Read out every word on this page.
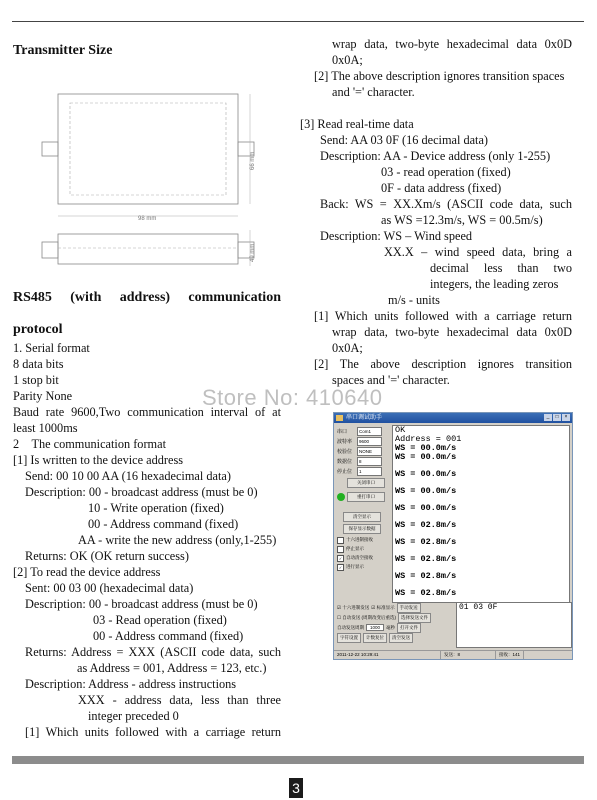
Transmitter Size
98 mm
66 mm
49 mm
RS485 (with address) communication
protocol
1. Serial format
8 data bits
1 stop bit
Parity None
Baud rate 9600,Two communication interval of at
least 1000ms
2　The communication format
[1] Is written to the device address
Send: 00 10 00 AA (16 hexadecimal data)
Description: 00 - broadcast address (must be 0)
10 - Write operation (fixed)
00 - Address command (fixed)
AA - write the new address (only,1-255)
Returns: OK (OK return success)
[2] To read the device address
Sent: 00 03 00 (hexadecimal data)
Description: 00 - broadcast address (must be 0)
03 - Read operation (fixed)
00 - Address command (fixed)
Returns: Address = XXX (ASCII code data, such
as Address = 001, Address = 123, etc.)
Description: Address - address instructions
XXX - address data, less than three
integer preceded 0
[1] Which units followed with a carriage return
wrap data, two-byte hexadecimal data 0x0D
0x0A;
[2] The above description ignores transition spaces
and '=' character.
[3] Read real-time data
Send: AA 03 0F (16 decimal data)
Description: AA - Device address (only 1-255)
03 - read operation (fixed)
0F - data address (fixed)
Back: WS = XX.Xm/s (ASCII code data, such
as WS =12.3m/s, WS = 00.5m/s)
Description: WS – Wind speed
XX.X – wind speed data, bring a
decimal less than two
integers, the leading zeros
m/s - units
[1] Which units followed with a carriage return
wrap data, two-byte hexadecimal data 0x0D
0x0A;
[2] The above description ignores transition
spaces and '=' character.
Store No: 410640
串口调试助手	_	□	×
串口	Com1
波特率	9600
校验位	NONE
数据位	8
停止位	1
关闭串口
重打串口
清空显示
保存显示数据
十六进制接收
停止显示
✓ 自动清空接收
✓ 进行显示
OK
Address = 001
WS = 00.0m/s
WS = 00.0m/s
WS = 00.0m/s
WS = 00.0m/s
WS = 00.0m/s
WS = 02.8m/s
WS = 02.8m/s
WS = 02.8m/s
WS = 02.8m/s
WS = 02.8m/s
☑ 十六进制发送 ☑ 标准显示	手动发送
☐ 自动发送 (周期改变后重选)	选择发送文件
自动发送周期	1000	毫秒	打开文件
字符设置	计数复位	清空发送
01 03 0F
2011-12-22 10:29:41	发送：8	接收：141
3
